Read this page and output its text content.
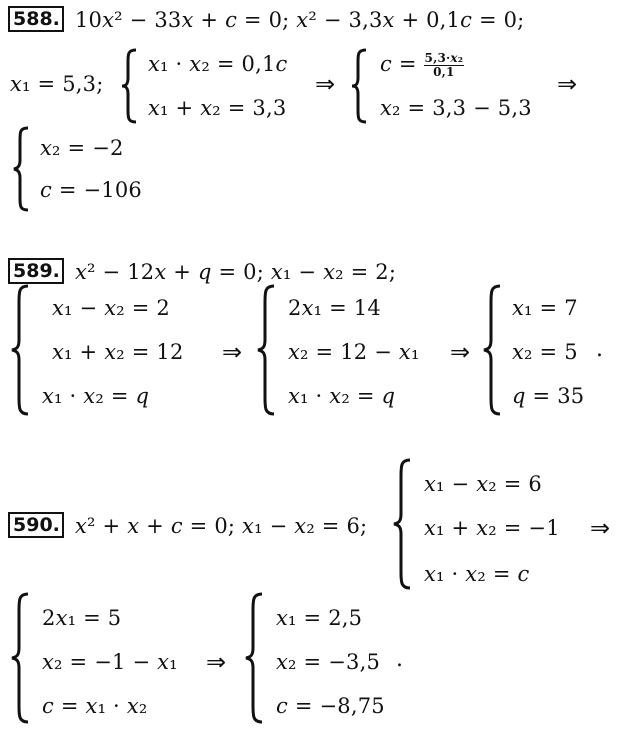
588. 10x² − 33x + c = 0; x² − 3,3x + 0,1c = 0;
x₁ = 5,3;
x₁ · x₂ = 0,1c
x₁ + x₂ = 3,3
⇒
$c = \frac{\text{5,3·x₂}}{0,1}$
x₂ = 3,3 − 5,3
⇒
x₂ = −2
c = −106
589. x² − 12x + q = 0; x₁ − x₂ = 2;
x₁ − x₂ = 2
x₁ + x₂ = 12
x₁ · x₂ = q
⇒
2x₁ = 14
x₂ = 12 − x₁
x₁ · x₂ = q
⇒
x₁ = 7
x₂ = 5 .
q = 35
590. x² + x + c = 0; x₁ − x₂ = 6;
x₁ − x₂ = 6
x₁ + x₂ = −1
x₁ · x₂ = c
⇒
2x₁ = 5
x₂ = −1 − x₁
c = x₁ · x₂
⇒
x₁ = 2,5
x₂ = −3,5 .
c = −8,75
